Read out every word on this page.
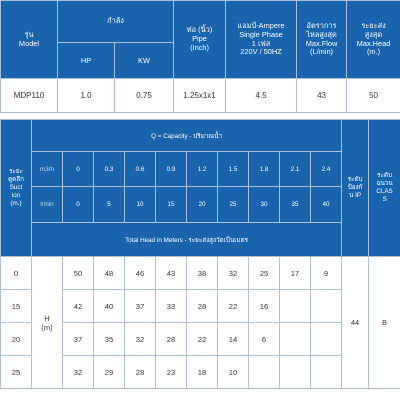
รุ่น
Model	กำลัง		ท่อ (นิ้ว)
Pipe
(Inch)	แอมป์-Ampere
Single Phase
1 เฟส
220V / 50HZ	อัตราการ
ไหลสูงสุด
Max.Flow
(L/min)	ระยะส่ง
สูงสุด
Max.Head
(m.)
	HP	KW				
MDP110	1.0	0.75	1.25x1x1	4.5	43	50
ระยะ
ดูดลึก
Suct
ion
(m.)	Q = Capacity - ปริมาณน้ำ										ระดับ
ป้องกั
น IP	ระดับ
ฉนวน
CLAS
S
	m3/h	0	0.3	0.6	0.9	1.2	1.5	1.8	2.1	2.4		
	l/min	0	5	10	15	20	25	30	35	40		
	Total Head in Meters - ระยะส่งสูงวัดเป็นเมตร											
0	H
(m)	50	48	46	43	38	32	25	17	9	44	B
15		42	40	37	33	28	22	16				
20		37	35	32	28	22	14	6				
25		32	29	28	23	18	10					
